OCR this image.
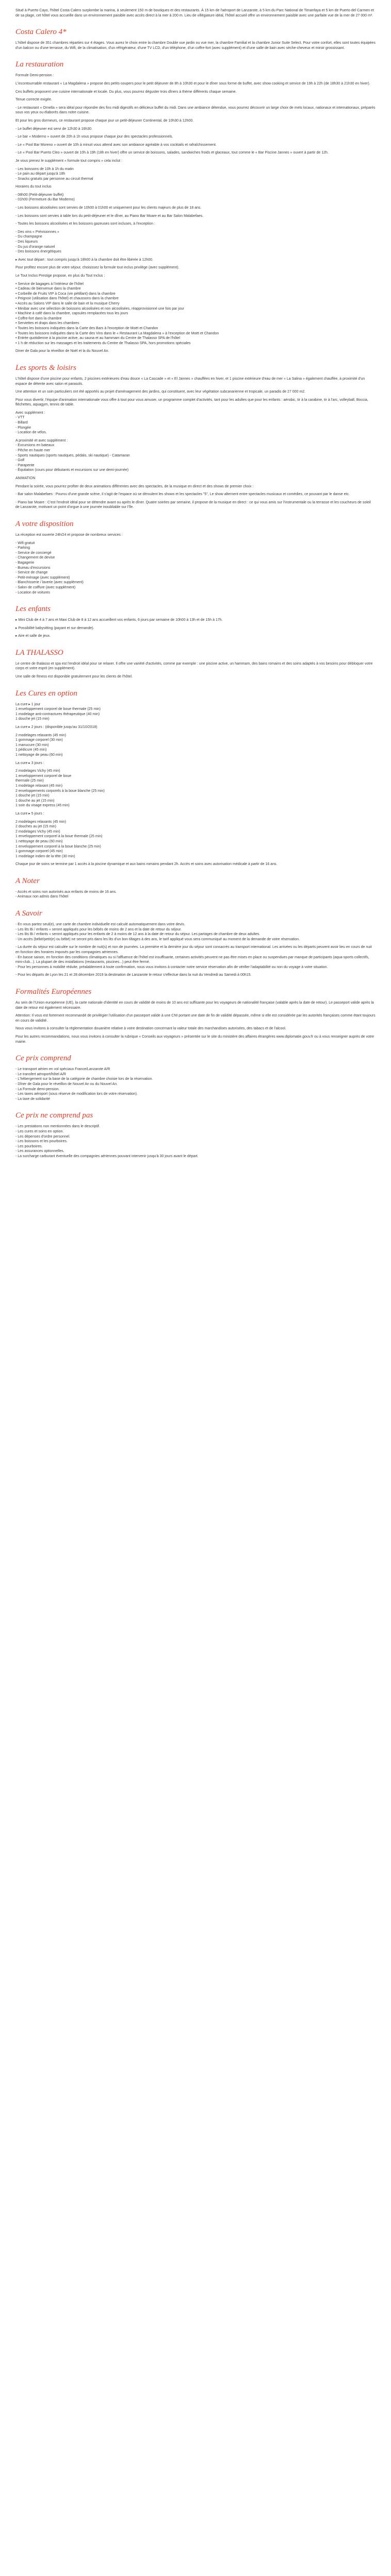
Situé à Puerto Cayo, l'hôtel Costa Calero surplombe la marina, à seulement 150 m de boutiques et des restaurants. À 15 km de l'aéroport de Lanzarote, à 5 km du Parc National de Timanfaya et 5 km de Puerto del Carmen et de sa plage, cet hôtel vous accueille dans un environnement paisible avec accès direct à la mer à 200 m. Lieu de villégiature idéal, l'hôtel accueil offre un environnement paisible avec une parfaite vue de la mer de 27 000 m².

Costa Calero 4*

L'hôtel dispose de 351 chambres réparties sur 4 étages. Vous aurez le choix entre la chambre Double vue jardin ou vue mer, la chambre Familial et la chambre Junior Suite Select. Pour votre confort, elles sont toutes équipées d'un balcon ou d'une terrasse, du Wifi, de la climatisation, d'un réfrigérateur, d'une TV LCD, d'un téléphone, d'un coffre-fort (avec supplément) et d'une salle de bain avec sèche-cheveux et miroir grossissant.

La restauration

Formule Demi-pension :

L'incontournable restaurant « La Magdalena » propose des petits-soupers pour le petit déjeuner de 8h à 10h30 et pour le dîner sous forme de buffet, avec show cooking et service de 19h à 22h (de 18h30 à 21h30 en hiver).

Ces buffets proposent une cuisine internationale et locale. Du plus, vous pourrez déguster trois dîners à thème différents chaque semaine.

Tenue correcte exigée.

- Le restaurant « Ornella » sera idéal pour répondre des fins midi digestifs en délicieux buffet du midi. Dans une ambiance détendue, vous pourrez découvrir un large choix de mets locaux, nationaux et internationaux, préparés sous vos yeux ou élaborés dans notre cuisine.

Et pour les gros dormeurs, ce restaurant propose chaque jour un petit-déjeuner Continental, de 10h30 à 12h00.

- Le buffet déjeuner est servi de 12h30 à 16h30.

- Le bar « Moderno » ouvert de 20h à 1h vous propose chaque jour des spectacles professionnels.

- Le « Pool Bar Moreno » ouvert de 10h à minuit vous attend avec son ambiance agréable à vos cocktails et rafraîchissement.

- Le « Pool Bar Puerto Cleo » ouvert de 10h à 19h (18h en hiver) offre un service de boissons, salades, sandwiches froids et glaceaux, tout comme le « Bar Piscine Jannes » ouvert à partir de 12h.

Je vous prenez le supplément « formule tout compris » cela inclut :

- Les boissons de 10h à 1h du matin
- Le pain au départ jusqu'à 18h
- Snacks gratuits par personne au circuit thermal

Horaires du tout inclus

- 08h00 (Petit-déjeuner buffet)
- 01h00 (Fermeture du Bar Moderno)

- Les boissons alcoolisées sont servies de 10h00 à 01h00 et uniquement pour les clients majeurs de plus de 18 ans.

- Les boissons sont servies à table lors du petit-déjeuner et le dîner, au Piano Bar Moare et au Bar Salon Malabefaes.

- Toutes les boissons alcoolisées et les boissons gazeuses sont incluses, à l'exception :

- Des vins « Prévisionnes »
- Du champagne
- Des liqueurs
- Du jus d'orange naturel
- Des boissons énergétiques

▸ Avec tout départ : tout compris jusqu'à 18h00 à la chambre doit être libérée à 12h00.

Pour profitez encore plus de votre séjour, choisissez la formule tout inclus privilège (avec supplément).

Le Tout Inclus Prestige propose, en plus du Tout Inclus :

• Service de bagages à l'intérieur de l'hôtel
• Cadeau de bienvenue dans la chambre
• Corbeille de Fruits VIP à Coca (vin pétillant) dans la chambre
• Peignoir (utilisation dans l'hôtel) et chaussons dans la chambre
• Accès au Salons VIP dans le salle de bain et la musique Cherry
• Minibar avec une sélection de boissons alcoolisées et non alcoolisées, réapprovisionné une fois par jour
• Machine à café dans la chambre, capsules remplacées tous les jours
• Coffre-fort dans la chambre
• Serviettes et draps dans les chambres
• Toutes les boissons indiquées dans la Carte des Bars à l'exception de Moët et Chandon
• Toutes les boissons indiquées dans la Carte des Vins dans le « Restaurant La Magdalena » à l'exception de Moët et Chandon
• Entrée quotidienne à la piscine active, au sauna et au hammam du Centre de Thalasso SPA de l'hôtel
• 1 h de réduction sur les massages et les traitements du Centre de Thalasso SPA, hors promotions spéciales

Diner de Gala pour la réveillon de Noël et la du Nouvel An.

Les sports & loisirs

L'hôtel dispose d'une piscine pour enfants, 2 piscines extérieures d'eau douce « La Cascade » et « El Jannes » chauffées en hiver, et 1 piscine extérieure d'eau de mer « La Salina » également chauffée, à proximité d'un espace de détente avec salon et parasols.

Une attention et un soin particuliers ont été apportés au projet d'aménagement des jardins, qui constituent, avec leur végétation subcanarienne et tropicale, un paradis de 27 000 m2.

Pour vous divertir, l'équipe d'animation internationale vous offre à tout pour vous amuser, un programme complet d'activités, tant pour les adultes que pour les enfants : aérobic, tir à la carabine, tir à l'arc, volleyball, Boccia, fléchettes, aquagym, tennis de table.

Avec supplément :
- VTT
- Billard
- Plongée
- Location de vélos.

A proximité et avec supplément :
- Excursions en bateaux
- Pêche en haute mer
- Sports nautiques (sports nautiques, pédalo, ski nautique) - Catamaran
- Golf
- Parapente
- Équitation (cours pour débutants et excursions sur une demi-journée)

ANIMATION

Pendant la soirée, vous pourrez profiter de deux animations différentes avec des spectacles, de la musique en direct et des shows de premier choix :

- Bar salon Malabefaes : Pourvu d'une grande scène, il s'agit de l'espace où se déroulent les shows et les spectacles "5", Le show alternent entre spectacles musicaux et comédies, ce pouvant par le danse etc.

- Piano bar Moare : C'est l'endroit idéal pour se détendre avant ou après le dîner. Quatre soirées par semaine, il propose de la musique en direct : ce qui vous amis sur l'instrumentale ou la terrasse et les coucheurs de soleil de Lanzarote, motivant un point d'orgue à une journée inoubliable sur l'île.

A votre disposition

La réception est ouverte 24h/24 et propose de nombreux services :

- Wifi gratuit
- Parking
- Service de conciergé
- Changement de devise
- Bagagerie
- Bureau d'excursions
- Service de change
- Petit-ménage (avec supplément)
- Blanchisserie / laverie (avec supplément)
- Salon de coiffure (avec supplément)
- Location de voitures

Les enfants

▸ Mini Club de 4 à 7 ans et Maxi Club de 8 à 12 ans accueillent vos enfants, 6 jours par semaine de 10h00 à 13h et de 15h à 17h.

▸ Possibilité babysitting (payant et sur demande).

▸ Aire et salle de jeux.

LA THALASSO

Le centre de thalasso et spa est l'endroit idéal pour se relaxer. Il offre une variété d'activités, comme par exemple : une piscine active, un hammam, des bains romains et des soins adaptés à vos besoins pour débloquer votre corps et votre esprit (en supplément).

Une salle de fitness est disponible gratuitement pour les clients de l'hôtel.

Les Cures en option

La cure ▸ 1 jour
1 enveloppement corporel de boue thermale (25 min)
1 modelage anti-contractures thérapeutique (40 min)
1 douche jet (15 min)

La cure ▸ 2 jours : (disponible jusqu'au 31/10/2018)

2 modelages relaxants (45 min)
1 gommage corporel (30 min)
1 manucure (30 min)
1 pédicure (45 min)
1 nettoyage de peau (60 min)

La cure ▸ 3 jours :

2 modelages Vichy (45 min)
1 enveloppement corporel de boue
thermale (25 min)
1 modelage relaxant (45 min)
2 enveloppements corporels à la boue blanche (25 min)
1 douche jet (15 min)
1 douche au jet (15 min)
1 soin du visage express (45 min)

La cure ▸ 5 jours :

2 modelages relaxants (45 min)
2 douches au jet (15 min)
2 modelages Vichy (45 min)
1 enveloppement corporel à la boue thermale (25 min)
1 nettoyage de peau (60 min)
1 enveloppement corporel à la boue blanche (25 min)
1 gommage corporel (45 min)
1 modelage indien de la tête (30 min)

Chaque jour de soins se termine par 1 accès à la piscine dynamique et aux bains romains pendant 2h. Accès et soins avec autorisation médicale à partir de 16 ans.

A Noter

- Accès et soins non autorisés aux enfants de moins de 16 ans.
- Animaux non admis dans l'hôtel

A Savoir

- En vous partez seul(e), une carte de chambre individuelle est calculé automatiquement dans votre devis.
- Les lits Bi / enfants « seront appliqués pour les bébés de moins de 2 ans et la date de retour du séjour.
- Les lits Bi / enfants « seront appliqués pour les enfants de 2 à moins de 12 ans à la date de retour du séjour. Les partages de chambre de deux adultes.
- Un accès (bébé/petit(e) ou bébé) ne seront pris dans les lits d'un bon tiltages à des ans, le tarif appliqué vous sera communiqué au moment de la demande de votre réservation.

- La durée du séjour est calculée sur le nombre de nuit(s) et non de journées. La première et la dernière jour du séjour sont consacrés au transport international. Les arrivées ou les départs peuvent avoir lieu en cours de nuit en fonction des horaires imposés par les compagnies aériennes.
- En basse saison, en fonction des conditions climatiques ou si l'affluence de l'hôtel est insuffisante, certaines activités peuvent ne pas être mises en place ou suspendues par manque de participants (aqua-sports collectifs, mini-club...). La plupart de des installations (restaurants, piscines...) peut être fermé.
- Pour les personnes à mobilité réduite, préalablement à toute confirmation, nous vous invitons à contacter notre service réservation afin de vérifier l'adaptabilité ou non du voyage à votre situation.

- Pour les départs de Lyon les 21 et 28 décembre 2019 la destination de Lanzarote le retour s'effectue dans la nuit du Vendredi au Samedi à 00h15.

Formalités Européennes

Au sein de l'Union européenne (UE), la carte nationale d'identité en cours de validité de moins de 10 ans est suffisante pour les voyageurs de nationalité française (valable après la date de retour). Le passeport valide après la date de retour est également nécessaire.

Attention: Il vous est fortement recommandé de privilégier l'utilisation d'un passeport valide à une CNI portant une date de fin de validité dépassée, même si elle est considérée par les autorités françaises comme étant toujours en cours de validité.

Nous vous invitons à consulter la réglementation douanière relative à votre destination concernant la valeur totale des marchandises autorisées, des tabacs et de l'alcool.

Pour les autres recommandations, nous vous invitons à consulter la rubrique « Conseils aux voyageurs » présentée sur le site du ministère des affaires étrangères www.diplomatie.gouv.fr ou à vous renseigner auprès de votre mairie.

Ce prix comprend

- Le transport aérien en vol spéciaux France/Lanzarote A/R
- Le transfert aéroport/hôtel A/R
- L'hébergement sur la base de la catégorie de chambre choisie lors de la réservation.
- Dîner de Gala pour le réveillon de Nouvel An ou du Nouvel An.
- La Formule demi-pension.
- Les taxes aéroport (sous réserve de modification lors de votre réservation).
- La taxe de solidarité

Ce prix ne comprend pas

- Les prestations non mentionnées dans le descriptif.
- Les cures et soins en option.
- Les dépenses d'ordre personnel.
- Les boissons et les pourboires.
- Les pourboires.
- Les assurances optionnelles.
- La surcharge carburant éventuelle des compagnies aériennes pouvant intervenir jusqu'à 30 jours avant le départ.
